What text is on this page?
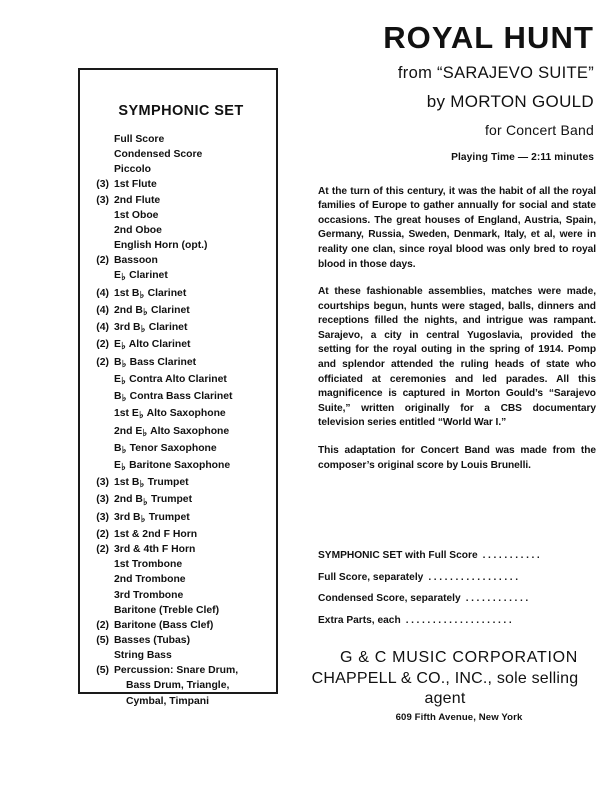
SYMPHONIC SET
Full Score
Condensed Score
Piccolo
(3) 1st Flute
(3) 2nd Flute
1st Oboe
2nd Oboe
English Horn (opt.)
(2) Bassoon
E♭ Clarinet
(4) 1st B♭ Clarinet
(4) 2nd B♭ Clarinet
(4) 3rd B♭ Clarinet
(2) E♭ Alto Clarinet
(2) B♭ Bass Clarinet
E♭ Contra Alto Clarinet
B♭ Contra Bass Clarinet
1st E♭ Alto Saxophone
2nd E♭ Alto Saxophone
B♭ Tenor Saxophone
E♭ Baritone Saxophone
(3) 1st B♭ Trumpet
(3) 2nd B♭ Trumpet
(3) 3rd B♭ Trumpet
(2) 1st & 2nd F Horn
(2) 3rd & 4th F Horn
1st Trombone
2nd Trombone
3rd Trombone
Baritone (Treble Clef)
(2) Baritone (Bass Clef)
(5) Basses (Tubas)
String Bass
(5) Percussion: Snare Drum,
Bass Drum, Triangle,
Cymbal, Timpani
ROYAL HUNT
from “SARAJEVO SUITE”
by MORTON GOULD
for Concert Band
Playing Time — 2:11 minutes

At the turn of this century, it was the habit of all the royal families of Europe to gather annually for social and state occasions. The great houses of England, Austria, Spain, Germany, Russia, Sweden, Denmark, Italy, et al, were in reality one clan, since royal blood was only bred to royal blood in those days.

At these fashionable assemblies, matches were made, courtships begun, hunts were staged, balls, dinners and receptions filled the nights, and intrigue was rampant. Sarajevo, a city in central Yugoslavia, provided the setting for the royal outing in the spring of 1914. Pomp and splendor attended the ruling heads of state who officiated at ceremonies and led parades. All this magnificence is captured in Morton Gould’s “Sarajevo Suite,” written originally for a CBS documentary television series entitled “World War I.”

This adaptation for Concert Band was made from the composer’s original score by Louis Brunelli.

SYMPHONIC SET with Full Score ...........
Full Score, separately .................
Condensed Score, separately ............
Extra Parts, each ....................
G & C MUSIC CORPORATION
CHAPPELL & CO., INC., sole selling agent
609 Fifth Avenue, New York
